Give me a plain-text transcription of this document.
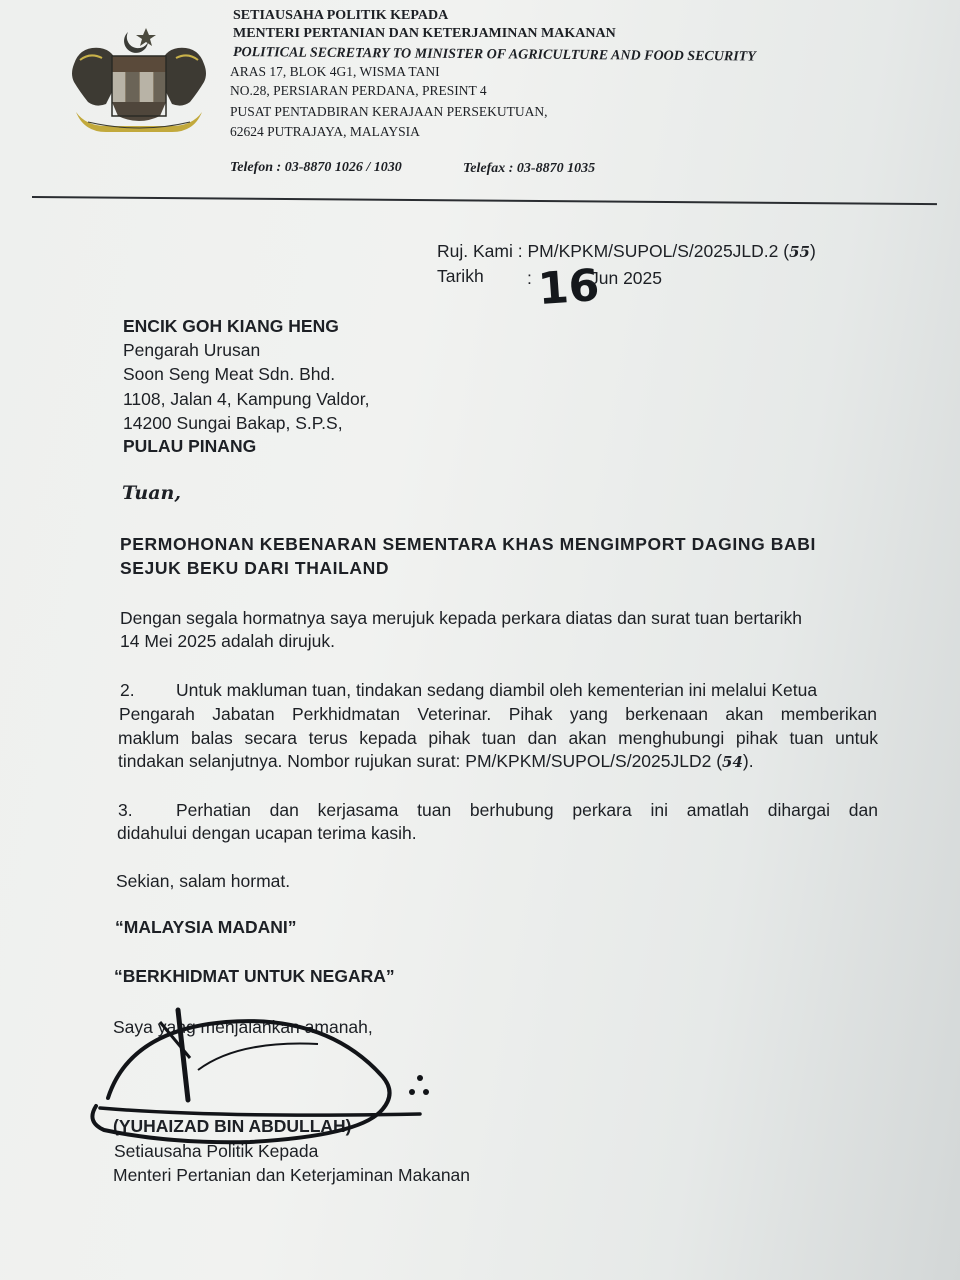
SETIAUSAHA POLITIK KEPADA
MENTERI PERTANIAN DAN KETERJAMINAN MAKANAN
POLITICAL SECRETARY TO MINISTER OF AGRICULTURE AND FOOD SECURITY
ARAS 17, BLOK 4G1, WISMA TANI
NO.28, PERSIARAN PERDANA, PRESINT 4
PUSAT PENTADBIRAN KERAJAAN PERSEKUTUAN,
62624 PUTRAJAYA, MALAYSIA
Telefon : 03-8870 1026 / 1030	Telefax : 03-8870 1035
Ruj. Kami : PM/KPKM/SUPOL/S/2025JLD.2 (55)
Tarikh : 16
Jun 2025
ENCIK GOH KIANG HENG
Pengarah Urusan
Soon Seng Meat Sdn. Bhd.
1108, Jalan 4, Kampung Valdor,
14200 Sungai Bakap, S.P.S,
PULAU PINANG
Tuan,
PERMOHONAN KEBENARAN SEMENTARA KHAS MENGIMPORT DAGING BABI
SEJUK BEKU DARI THAILAND
Dengan segala hormatnya saya merujuk kepada perkara diatas dan surat tuan bertarikh
14 Mei 2025 adalah dirujuk.
2. Untuk makluman tuan, tindakan sedang diambil oleh kementerian ini melalui Ketua
Pengarah Jabatan Perkhidmatan Veterinar. Pihak yang berkenaan akan memberikan
maklum balas secara terus kepada pihak tuan dan akan menghubungi pihak tuan untuk
tindakan selanjutnya. Nombor rujukan surat: PM/KPKM/SUPOL/S/2025JLD2 (54).
3. Perhatian dan kerjasama tuan berhubung perkara ini amatlah dihargai dan
didahului dengan ucapan terima kasih.
Sekian, salam hormat.
“MALAYSIA MADANI”
“BERKHIDMAT UNTUK NEGARA”
Saya yang menjalankan amanah,
(YUHAIZAD BIN ABDULLAH)
Setiausaha Politik Kepada
Menteri Pertanian dan Keterjaminan Makanan
